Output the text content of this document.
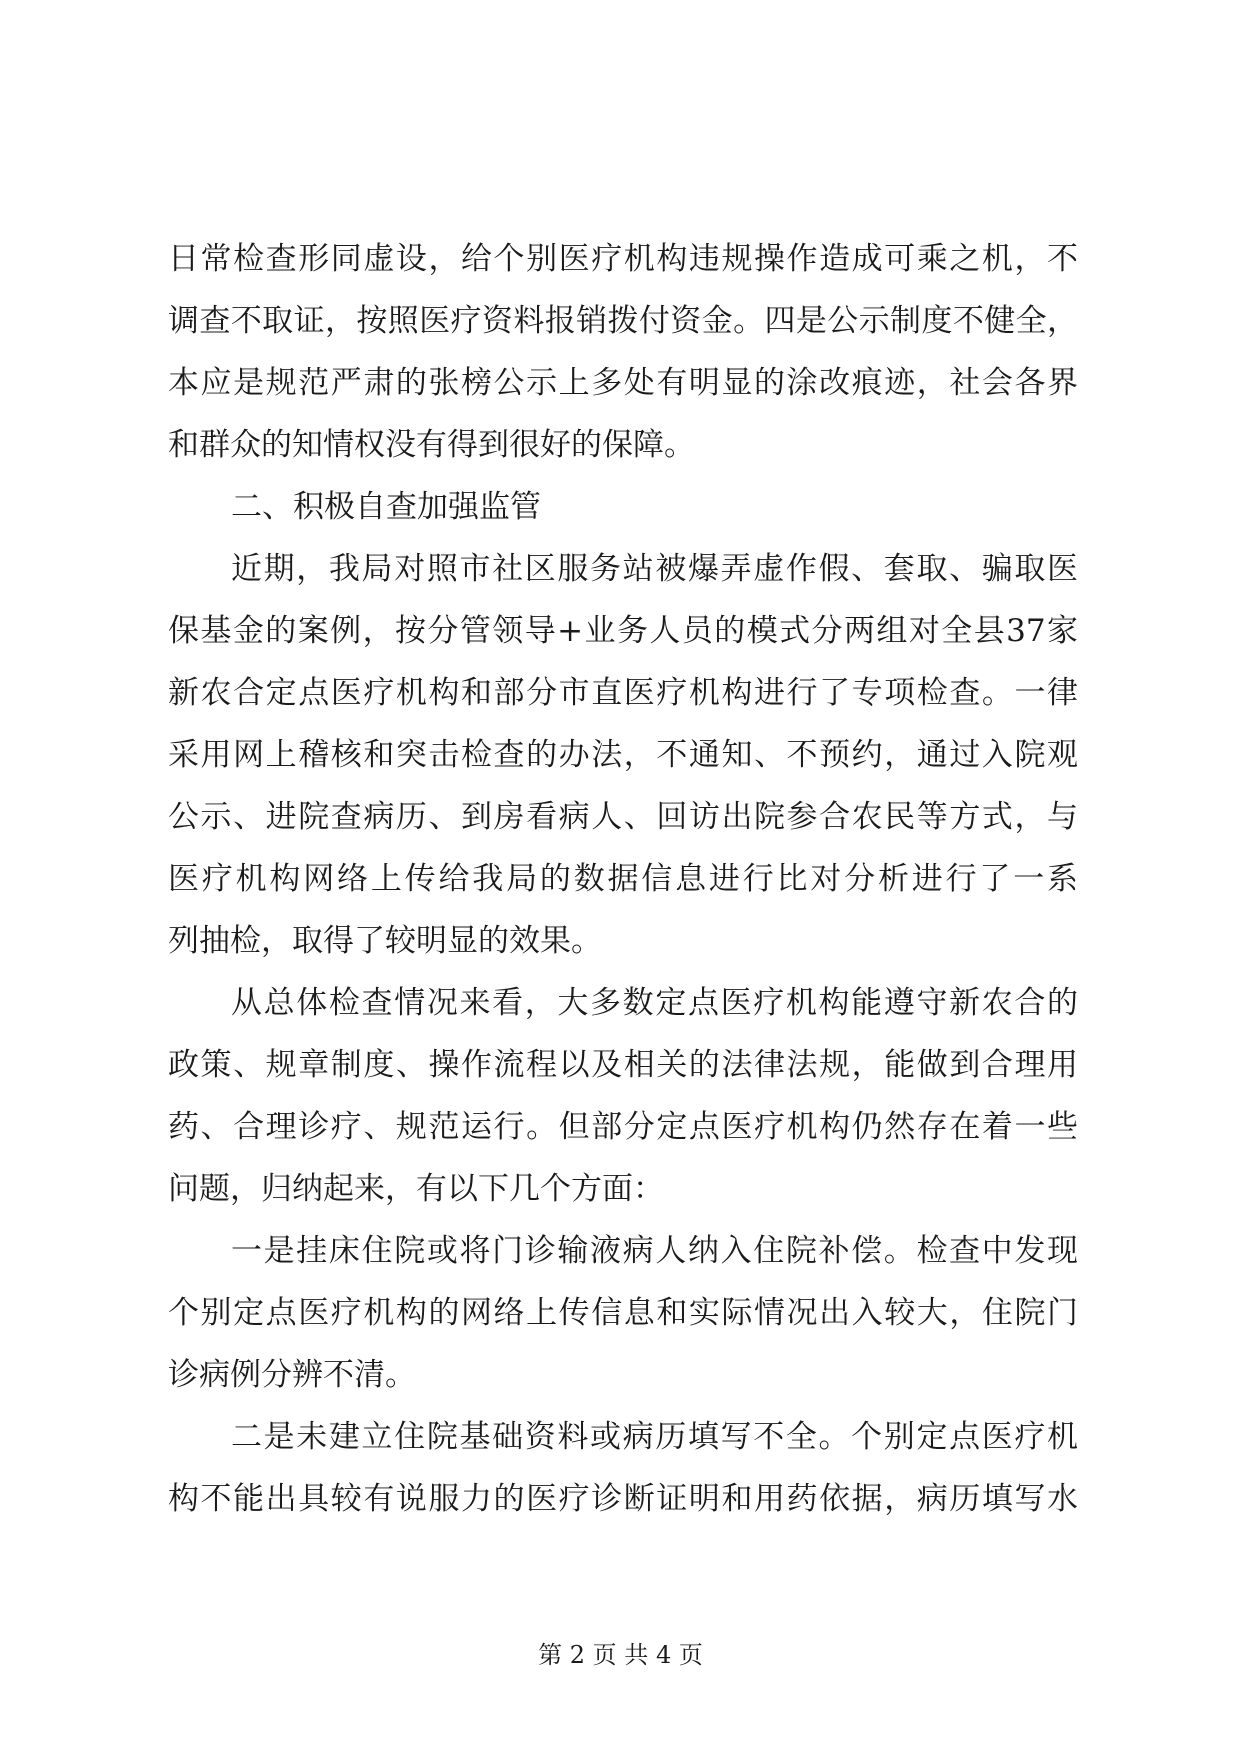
日常检查形同虚设，给个别医疗机构违规操作造成可乘之机，不
调查不取证，按照医疗资料报销拨付资金。四是公示制度不健全，
本应是规范严肃的张榜公示上多处有明显的涂改痕迹，社会各界
和群众的知情权没有得到很好的保障。
二、积极自查加强监管
近期，我局对照市社区服务站被爆弄虚作假、套取、骗取医
保基金的案例，按分管领导+业务人员的模式分两组对全县37家
新农合定点医疗机构和部分市直医疗机构进行了专项检查。一律
采用网上稽核和突击检查的办法，不通知、不预约，通过入院观
公示、进院查病历、到房看病人、回访出院参合农民等方式，与
医疗机构网络上传给我局的数据信息进行比对分析进行了一系
列抽检，取得了较明显的效果。
从总体检查情况来看，大多数定点医疗机构能遵守新农合的
政策、规章制度、操作流程以及相关的法律法规，能做到合理用
药、合理诊疗、规范运行。但部分定点医疗机构仍然存在着一些
问题，归纳起来，有以下几个方面：
一是挂床住院或将门诊输液病人纳入住院补偿。检查中发现
个别定点医疗机构的网络上传信息和实际情况出入较大，住院门
诊病例分辨不清。
二是未建立住院基础资料或病历填写不全。个别定点医疗机
构不能出具较有说服力的医疗诊断证明和用药依据，病历填写水
第 2 页 共 4 页
